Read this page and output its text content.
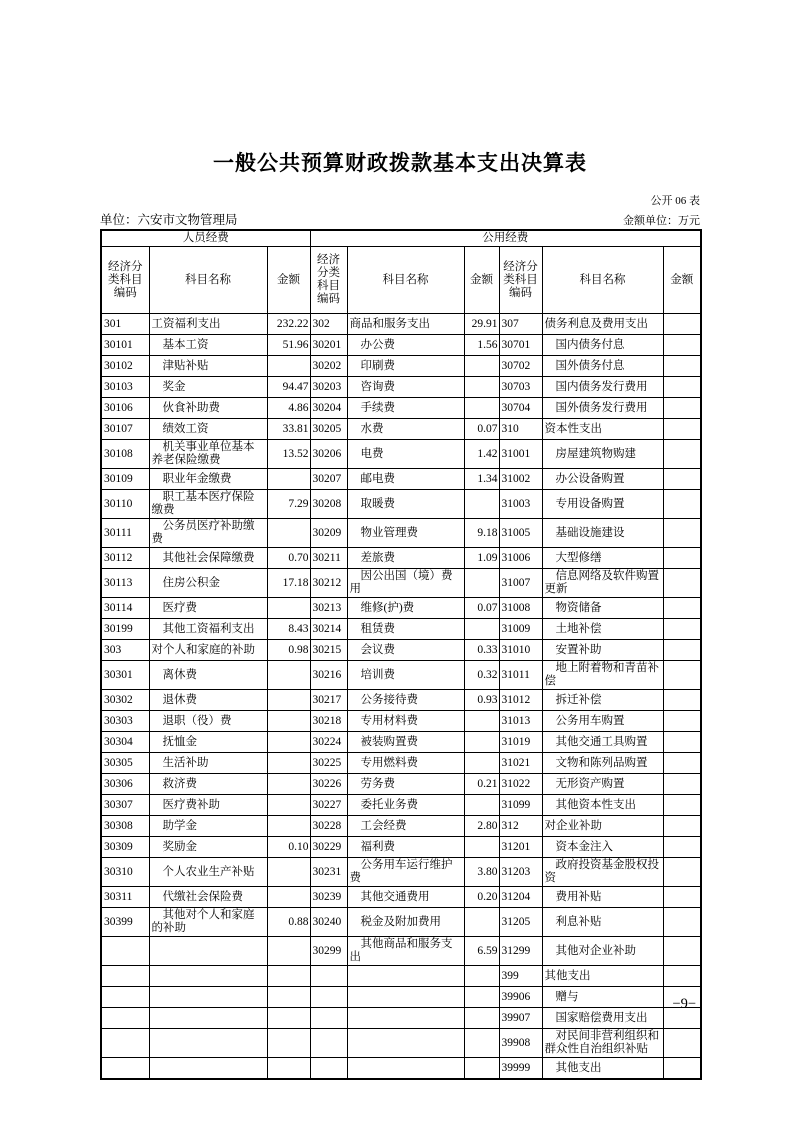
一般公共预算财政拨款基本支出决算表
公开 06 表
单位：六安市文物管理局	金额单位：万元
人员经费			公用经费					
经济分类科目编码	科目名称	金额	经济分类科目编码	科目名称	金额	经济分类科目编码	科目名称	金额
301	工资福利支出	232.22	302	商品和服务支出	29.91	307	债务利息及费用支出	
30101	基本工资	51.96	30201	办公费	1.56	30701	国内债务付息	
30102	津贴补贴		30202	印刷费		30702	国外债务付息	
30103	奖金	94.47	30203	咨询费		30703	国内债务发行费用	
30106	伙食补助费	4.86	30204	手续费		30704	国外债务发行费用	
30107	绩效工资	33.81	30205	水费	0.07	310	资本性支出	
30108	机关事业单位基本养老保险缴费	13.52	30206	电费	1.42	31001	房屋建筑物购建	
30109	职业年金缴费		30207	邮电费	1.34	31002	办公设备购置	
30110	职工基本医疗保险缴费	7.29	30208	取暖费		31003	专用设备购置	
30111	公务员医疗补助缴费		30209	物业管理费	9.18	31005	基础设施建设	
30112	其他社会保障缴费	0.70	30211	差旅费	1.09	31006	大型修缮	
30113	住房公积金	17.18	30212	因公出国（境）费用		31007	信息网络及软件购置更新	
30114	医疗费		30213	维修(护)费	0.07	31008	物资储备	
30199	其他工资福利支出	8.43	30214	租赁费		31009	土地补偿	
303	对个人和家庭的补助	0.98	30215	会议费	0.33	31010	安置补助	
30301	离休费		30216	培训费	0.32	31011	地上附着物和青苗补偿	
30302	退休费		30217	公务接待费	0.93	31012	拆迁补偿	
30303	退职（役）费		30218	专用材料费		31013	公务用车购置	
30304	抚恤金		30224	被装购置费		31019	其他交通工具购置	
30305	生活补助		30225	专用燃料费		31021	文物和陈列品购置	
30306	救济费		30226	劳务费	0.21	31022	无形资产购置	
30307	医疗费补助		30227	委托业务费		31099	其他资本性支出	
30308	助学金		30228	工会经费	2.80	312	对企业补助	
30309	奖励金	0.10	30229	福利费		31201	资本金注入	
30310	个人农业生产补贴		30231	公务用车运行维护费	3.80	31203	政府投资基金股权投资	
30311	代缴社会保险费		30239	其他交通费用	0.20	31204	费用补贴	
30399	其他对个人和家庭的补助	0.88	30240	税金及附加费用		31205	利息补贴	
			30299	其他商品和服务支出	6.59	31299	其他对企业补助	
						399	其他支出	
						39906	赠与	
						39907	国家赔偿费用支出	
						39908	对民间非营利组织和群众性自治组织补贴	
						39999	其他支出	
−9−
